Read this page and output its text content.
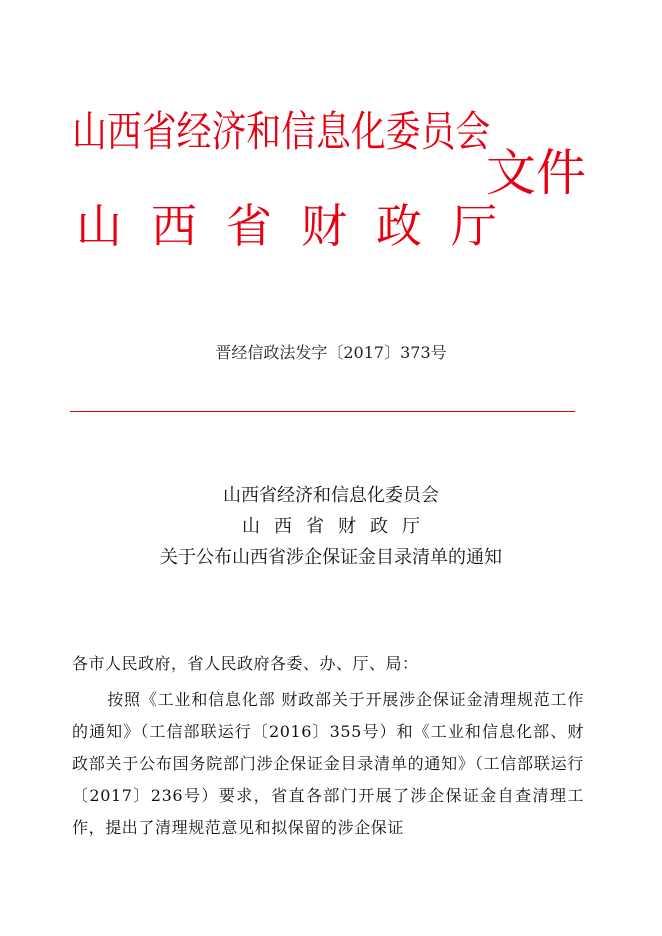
山西省经济和信息化委员会
山西省财政厅
文件
晋经信政法发字〔2017〕373号
山西省经济和信息化委员会
山西省财政厅
关于公布山西省涉企保证金目录清单的通知
各市人民政府，省人民政府各委、办、厅、局：

按照《工业和信息化部 财政部关于开展涉企保证金清理规范工作的通知》（工信部联运行〔2016〕355号）和《工业和信息化部、财政部关于公布国务院部门涉企保证金目录清单的通知》（工信部联运行〔2017〕236号）要求，省直各部门开展了涉企保证金自查清理工作，提出了清理规范意见和拟保留的涉企保证
